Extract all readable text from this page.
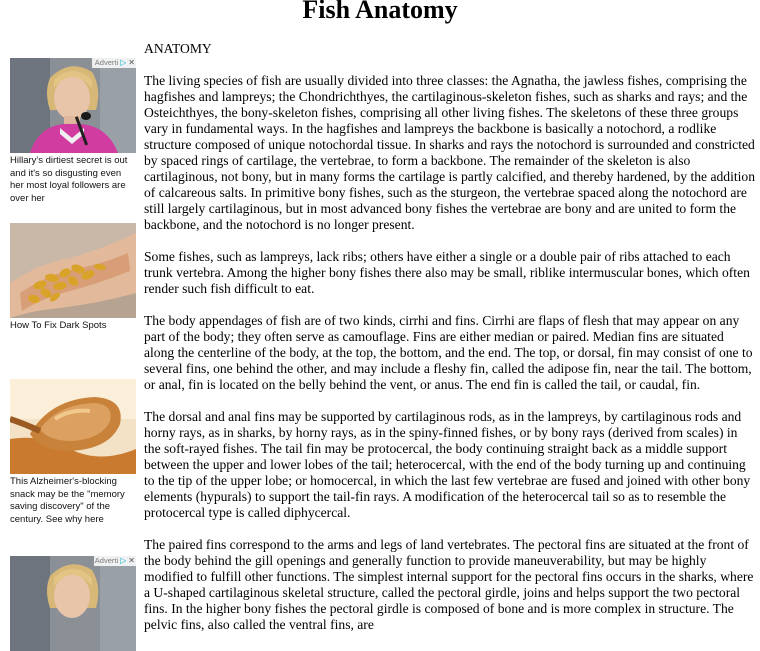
Fish Anatomy
Adverti ▷ ✕
Hillary's dirtiest secret is out and it's so disgusting even her most loyal followers are over her
How To Fix Dark Spots
This Alzheimer's-blocking snack may be the "memory saving discovery" of the century. See why here
Adverti ▷ ✕
ANATOMY

The living species of fish are usually divided into three classes: the Agnatha, the jawless fishes, comprising the hagfishes and lampreys; the Chondrichthyes, the cartilaginous-skeleton fishes, such as sharks and rays; and the Osteichthyes, the bony-skeleton fishes, comprising all other living fishes. The skeletons of these three groups vary in fundamental ways. In the hagfishes and lampreys the backbone is basically a notochord, a rodlike structure composed of unique notochordal tissue. In sharks and rays the notochord is surrounded and constricted by spaced rings of cartilage, the vertebrae, to form a backbone. The remainder of the skeleton is also cartilaginous, not bony, but in many forms the cartilage is partly calcified, and thereby hardened, by the addition of calcareous salts. In primitive bony fishes, such as the sturgeon, the vertebrae spaced along the notochord are still largely cartilaginous, but in most advanced bony fishes the vertebrae are bony and are united to form the backbone, and the notochord is no longer present.

Some fishes, such as lampreys, lack ribs; others have either a single or a double pair of ribs attached to each trunk vertebra. Among the higher bony fishes there also may be small, riblike intermuscular bones, which often render such fish difficult to eat.

The body appendages of fish are of two kinds, cirrhi and fins. Cirrhi are flaps of flesh that may appear on any part of the body; they often serve as camouflage. Fins are either median or paired. Median fins are situated along the centerline of the body, at the top, the bottom, and the end. The top, or dorsal, fin may consist of one to several fins, one behind the other, and may include a fleshy fin, called the adipose fin, near the tail. The bottom, or anal, fin is located on the belly behind the vent, or anus. The end fin is called the tail, or caudal, fin.

The dorsal and anal fins may be supported by cartilaginous rods, as in the lampreys, by cartilaginous rods and horny rays, as in sharks, by horny rays, as in the spiny-finned fishes, or by bony rays (derived from scales) in the soft-rayed fishes. The tail fin may be protocercal, the body continuing straight back as a middle support between the upper and lower lobes of the tail; heterocercal, with the end of the body turning up and continuing to the tip of the upper lobe; or homocercal, in which the last few vertebrae are fused and joined with other bony elements (hypurals) to support the tail-fin rays. A modification of the heterocercal tail so as to resemble the protocercal type is called diphycercal.

The paired fins correspond to the arms and legs of land vertebrates. The pectoral fins are situated at the front of the body behind the gill openings and generally function to provide maneuverability, but may be highly modified to fulfill other functions. The simplest internal support for the pectoral fins occurs in the sharks, where a U-shaped cartilaginous skeletal structure, called the pectoral girdle, joins and helps support the two pectoral fins. In the higher bony fishes the pectoral girdle is composed of bone and is more complex in structure. The pelvic fins, also called the ventral fins, are
